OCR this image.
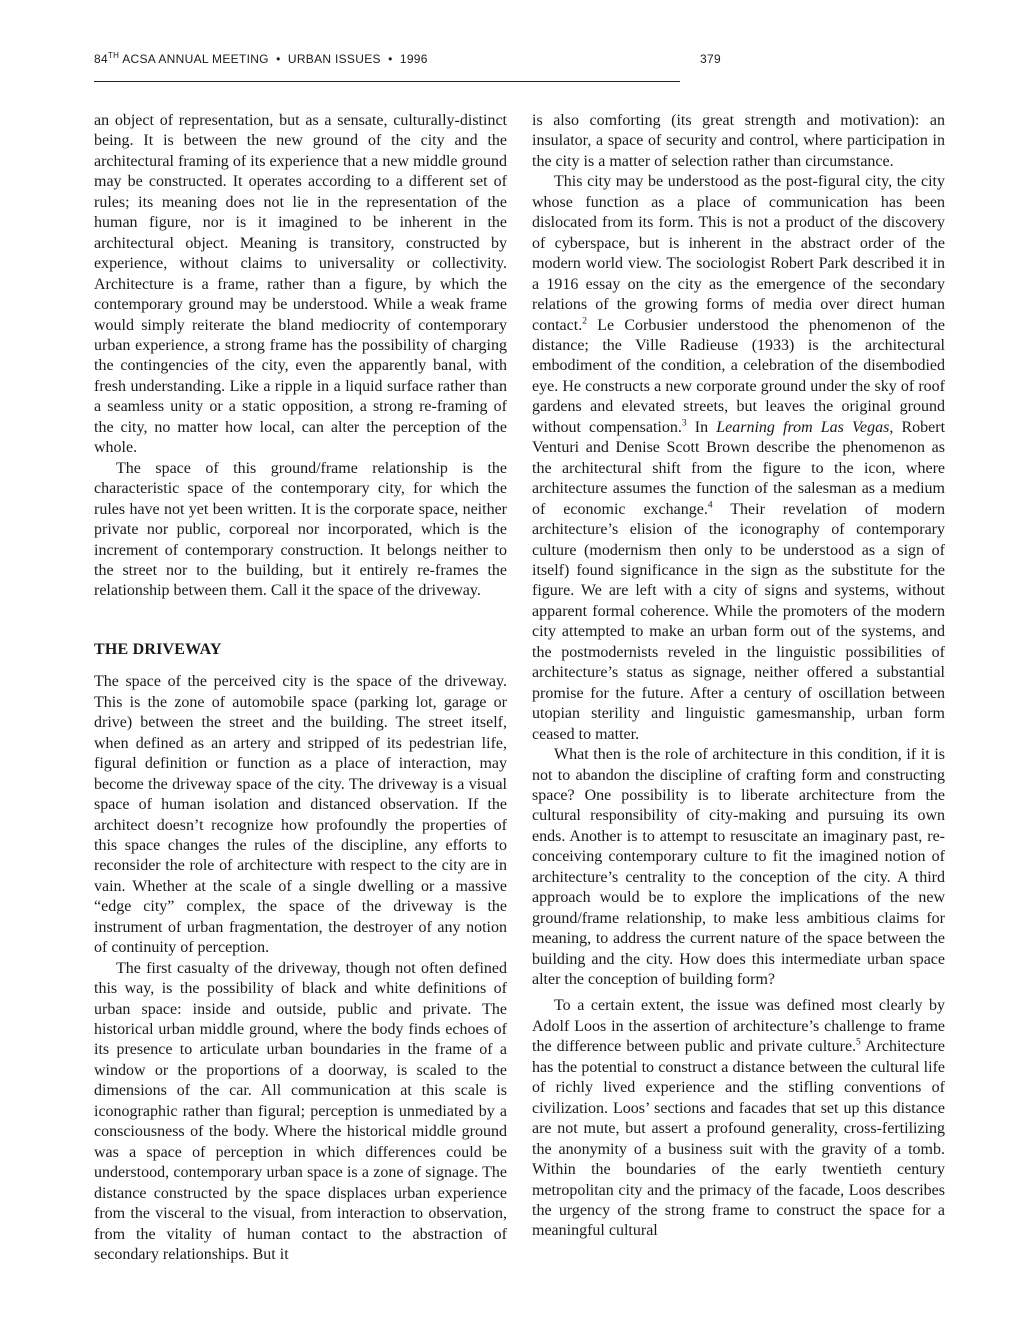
84TH ACSA ANNUAL MEETING  •  URBAN ISSUES  •  1996	379

an object of representation, but as a sensate, culturally-distinct being. It is between the new ground of the city and the architectural framing of its experience that a new middle ground may be constructed. It operates according to a different set of rules; its meaning does not lie in the representation of the human figure, nor is it imagined to be inherent in the architectural object. Meaning is transitory, constructed by experience, without claims to universality or collectivity. Architecture is a frame, rather than a figure, by which the contemporary ground may be understood. While a weak frame would simply reiterate the bland mediocrity of contemporary urban experience, a strong frame has the possibility of charging the contingencies of the city, even the apparently banal, with fresh understanding. Like a ripple in a liquid surface rather than a seamless unity or a static opposition, a strong re-framing of the city, no matter how local, can alter the perception of the whole.

The space of this ground/frame relationship is the characteristic space of the contemporary city, for which the rules have not yet been written. It is the corporate space, neither private nor public, corporeal nor incorporated, which is the increment of contemporary construction. It belongs neither to the street nor to the building, but it entirely re-frames the relationship between them. Call it the space of the driveway.

THE DRIVEWAY

The space of the perceived city is the space of the driveway. This is the zone of automobile space (parking lot, garage or drive) between the street and the building. The street itself, when defined as an artery and stripped of its pedestrian life, figural definition or function as a place of interaction, may become the driveway space of the city. The driveway is a visual space of human isolation and distanced observation. If the architect doesn’t recognize how profoundly the properties of this space changes the rules of the discipline, any efforts to reconsider the role of architecture with respect to the city are in vain. Whether at the scale of a single dwelling or a massive “edge city” complex, the space of the driveway is the instrument of urban fragmentation, the destroyer of any notion of continuity of perception.

The first casualty of the driveway, though not often defined this way, is the possibility of black and white definitions of urban space: inside and outside, public and private. The historical urban middle ground, where the body finds echoes of its presence to articulate urban boundaries in the frame of a window or the proportions of a doorway, is scaled to the dimensions of the car. All communication at this scale is iconographic rather than figural; perception is unmediated by a consciousness of the body. Where the historical middle ground was a space of perception in which differences could be understood, contemporary urban space is a zone of signage. The distance constructed by the space displaces urban experience from the visceral to the visual, from interaction to observation, from the vitality of human contact to the abstraction of secondary relationships. But it

is also comforting (its great strength and motivation): an insulator, a space of security and control, where participation in the city is a matter of selection rather than circumstance.

This city may be understood as the post-figural city, the city whose function as a place of communication has been dislocated from its form. This is not a product of the discovery of cyberspace, but is inherent in the abstract order of the modern world view. The sociologist Robert Park described it in a 1916 essay on the city as the emergence of the secondary relations of the growing forms of media over direct human contact.$^2$ Le Corbusier understood the phenomenon of the distance; the Ville Radieuse (1933) is the architectural embodiment of the condition, a celebration of the disembodied eye. He constructs a new corporate ground under the sky of roof gardens and elevated streets, but leaves the original ground without compensation.$^3$ In Learning from Las Vegas, Robert Venturi and Denise Scott Brown describe the phenomenon as the architectural shift from the figure to the icon, where architecture assumes the function of the salesman as a medium of economic exchange.$^4$ Their revelation of modern architecture’s elision of the iconography of contemporary culture (modernism then only to be understood as a sign of itself) found significance in the sign as the substitute for the figure. We are left with a city of signs and systems, without apparent formal coherence. While the promoters of the modern city attempted to make an urban form out of the systems, and the postmodernists reveled in the linguistic possibilities of architecture’s status as signage, neither offered a substantial promise for the future. After a century of oscillation between utopian sterility and linguistic gamesmanship, urban form ceased to matter.

What then is the role of architecture in this condition, if it is not to abandon the discipline of crafting form and constructing space? One possibility is to liberate architecture from the cultural responsibility of city-making and pursuing its own ends. Another is to attempt to resuscitate an imaginary past, re-conceiving contemporary culture to fit the imagined notion of architecture’s centrality to the conception of the city. A third approach would be to explore the implications of the new ground/frame relationship, to make less ambitious claims for meaning, to address the current nature of the space between the building and the city. How does this intermediate urban space alter the conception of building form?

To a certain extent, the issue was defined most clearly by Adolf Loos in the assertion of architecture’s challenge to frame the difference between public and private culture.$^5$ Architecture has the potential to construct a distance between the cultural life of richly lived experience and the stifling conventions of civilization. Loos’ sections and facades that set up this distance are not mute, but assert a profound generality, cross-fertilizing the anonymity of a business suit with the gravity of a tomb. Within the boundaries of the early twentieth century metropolitan city and the primacy of the facade, Loos describes the urgency of the strong frame to construct the space for a meaningful cultural
